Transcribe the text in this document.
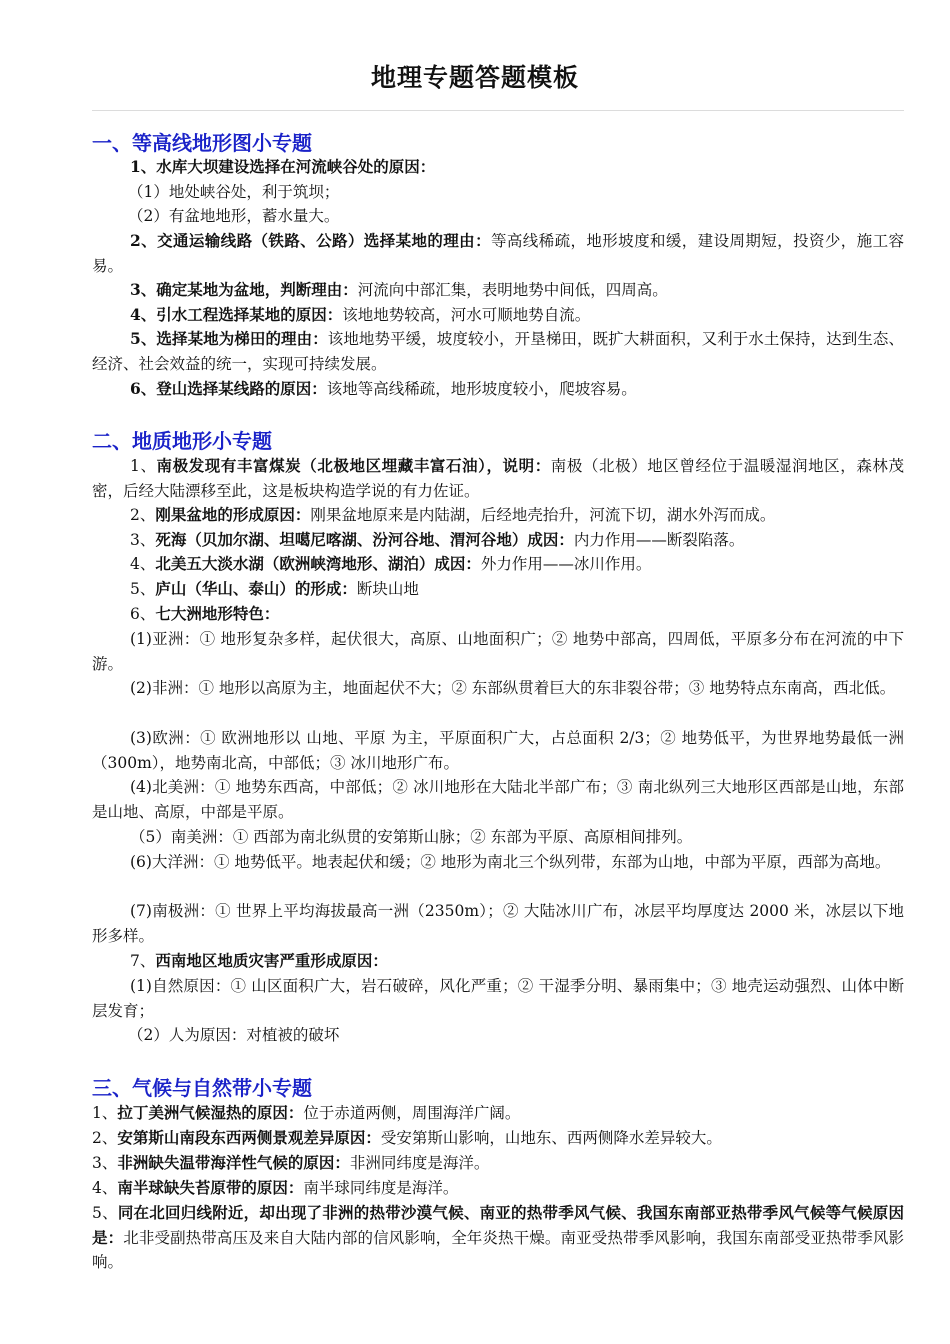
地理专题答题模板
一、等高线地形图小专题
1、水库大坝建设选择在河流峡谷处的原因：
（1）地处峡谷处，利于筑坝；
（2）有盆地地形，蓄水量大。
2、交通运输线路（铁路、公路）选择某地的理由：等高线稀疏，地形坡度和缓，建设周期短，投资少，施工容易。
3、确定某地为盆地，判断理由：河流向中部汇集，表明地势中间低，四周高。
4、引水工程选择某地的原因：该地地势较高，河水可顺地势自流。
5、选择某地为梯田的理由：该地地势平缓，坡度较小，开垦梯田，既扩大耕面积，又利于水土保持，达到生态、经济、社会效益的统一，实现可持续发展。
6、登山选择某线路的原因：该地等高线稀疏，地形坡度较小，爬坡容易。
二、地质地形小专题
1、南极发现有丰富煤炭（北极地区埋藏丰富石油），说明：南极（北极）地区曾经位于温暖湿润地区，森林茂密，后经大陆漂移至此，这是板块构造学说的有力佐证。
2、刚果盆地的形成原因：刚果盆地原来是内陆湖，后经地壳抬升，河流下切，湖水外泻而成。
3、死海（贝加尔湖、坦噶尼喀湖、汾河谷地、渭河谷地）成因：内力作用——断裂陷落。
4、北美五大淡水湖（欧洲峡湾地形、湖泊）成因：外力作用——冰川作用。
5、庐山（华山、泰山）的形成：断块山地
6、七大洲地形特色：
(1)亚洲：① 地形复杂多样，起伏很大，高原、山地面积广；② 地势中部高，四周低，平原多分布在河流的中下游。
(2)非洲：① 地形以高原为主，地面起伏不大；② 东部纵贯着巨大的东非裂谷带；③ 地势特点东南高，西北低。
(3)欧洲：① 欧洲地形以 山地、平原 为主，平原面积广大，占总面积 2/3；② 地势低平，为世界地势最低一洲（300m），地势南北高，中部低；③ 冰川地形广布。
(4)北美洲：① 地势东西高，中部低；② 冰川地形在大陆北半部广布；③ 南北纵列三大地形区西部是山地，东部是山地、高原，中部是平原。
（5）南美洲：① 西部为南北纵贯的安第斯山脉；② 东部为平原、高原相间排列。
(6)大洋洲：① 地势低平。地表起伏和缓；② 地形为南北三个纵列带，东部为山地，中部为平原，西部为高地。
(7)南极洲：① 世界上平均海拔最高一洲（2350m）；② 大陆冰川广布，冰层平均厚度达 2000 米，冰层以下地形多样。
7、西南地区地质灾害严重形成原因：
(1)自然原因：① 山区面积广大，岩石破碎，风化严重；② 干湿季分明、暴雨集中；③ 地壳运动强烈、山体中断层发育；
（2）人为原因：对植被的破坏
三、气候与自然带小专题
1、拉丁美洲气候湿热的原因：位于赤道两侧，周围海洋广阔。
2、安第斯山南段东西两侧景观差异原因：受安第斯山影响，山地东、西两侧降水差异较大。
3、非洲缺失温带海洋性气候的原因：非洲同纬度是海洋。
4、南半球缺失苔原带的原因：南半球同纬度是海洋。
5、同在北回归线附近，却出现了非洲的热带沙漠气候、南亚的热带季风气候、我国东南部亚热带季风气候等气候原因是：北非受副热带高压及来自大陆内部的信风影响，全年炎热干燥。南亚受热带季风影响，我国东南部受亚热带季风影响。
